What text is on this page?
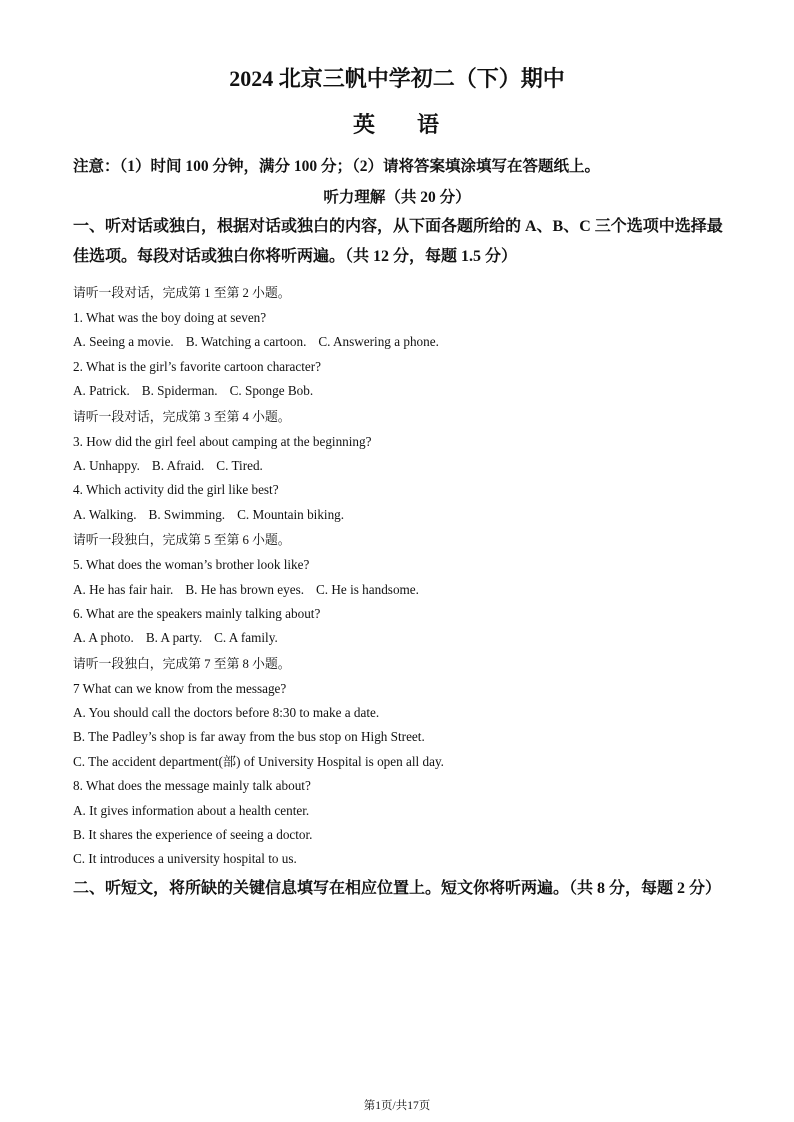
2024 北京三帆中学初二（下）期中
英 语
注意：（1）时间 100 分钟，满分 100 分；（2）请将答案填涂填写在答题纸上。
听力理解（共 20 分）
一、听对话或独白，根据对话或独白的内容，从下面各题所给的 A、B、C 三个选项中选择最佳选项。每段对话或独白你将听两遍。（共 12 分，每题 1.5 分）
请听一段对话，完成第 1 至第 2 小题。
1. What was the boy doing at seven?
A. Seeing a movie. B. Watching a cartoon. C. Answering a phone.
2. What is the girl’s favorite cartoon character?
A. Patrick. B. Spiderman. C. Sponge Bob.
请听一段对话，完成第 3 至第 4 小题。
3. How did the girl feel about camping at the beginning?
A. Unhappy. B. Afraid. C. Tired.
4. Which activity did the girl like best?
A. Walking. B. Swimming. C. Mountain biking.
请听一段独白，完成第 5 至第 6 小题。
5. What does the woman’s brother look like?
A. He has fair hair. B. He has brown eyes. C. He is handsome.
6. What are the speakers mainly talking about?
A. A photo. B. A party. C. A family.
请听一段独白，完成第 7 至第 8 小题。
7 What can we know from the message?
A. You should call the doctors before 8:30 to make a date.
B. The Padley’s shop is far away from the bus stop on High Street.
C. The accident department(部) of University Hospital is open all day.
8. What does the message mainly talk about?
A. It gives information about a health center.
B. It shares the experience of seeing a doctor.
C. It introduces a university hospital to us.
二、听短文，将所缺的关键信息填写在相应位置上。短文你将听两遍。（共 8 分，每题 2 分）
第1页/共17页
